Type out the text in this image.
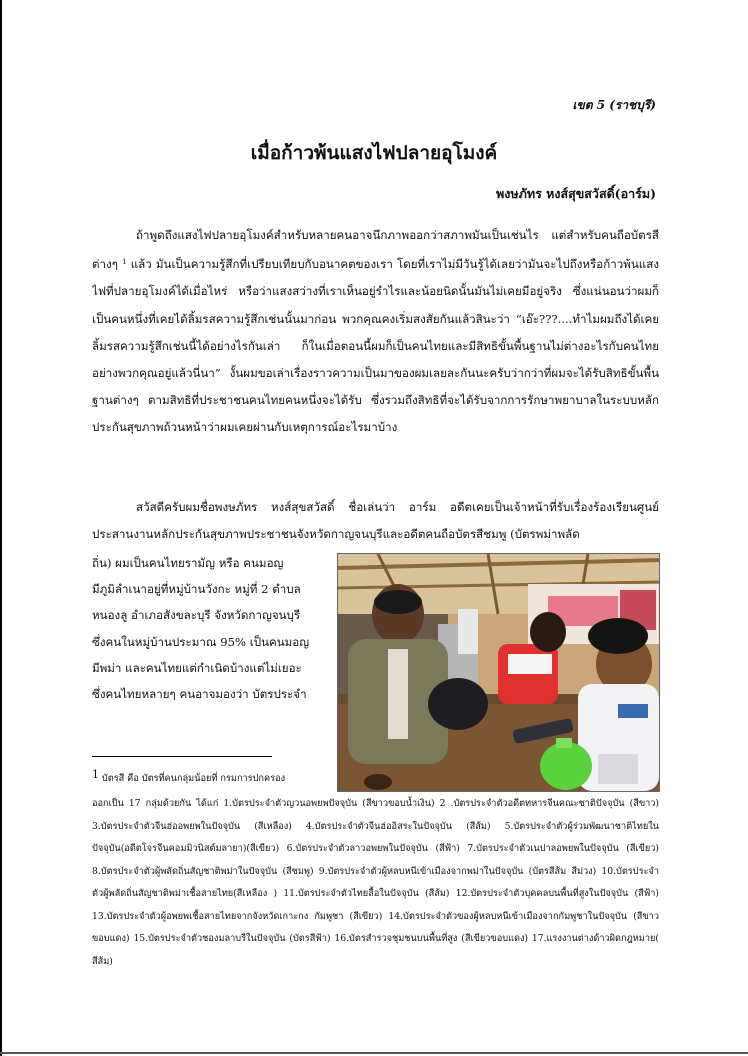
เขต 5 (ราชบุรี)
เมื่อก้าวพ้นแสงไฟปลายอุโมงค์
พงษภัทร หงส์สุขสวัสดิ์(อาร์ม)
ถ้าพูดถึงแสงไฟปลายอุโมงค์สำหรับหลายคนอาจนึกภาพออกว่าสภาพมันเป็นเช่นไร แต่สำหรับคนถือบัตรสีต่างๆ $^1$ แล้ว มันเป็นความรู้สึกที่เปรียบเทียบกับอนาคตของเรา โดยที่เราไม่มีวันรู้ได้เลยว่ามันจะไปถึงหรือก้าวพ้นแสงไฟที่ปลายอุโมงค์ได้เมื่อไหร่ หรือว่าแสงสว่างที่เราเห็นอยู่รำไรและน้อยนิดนั้นมันไม่เคยมีอยู่จริง ซึ่งแน่นอนว่าผมก็เป็นคนหนึ่งที่เคยได้ลิ้มรสความรู้สึกเช่นนั้นมาก่อน พวกคุณคงเริ่มสงสัยกันแล้วสินะว่า “เอ๊ะ???....ทำไมผมถึงได้เคยลิ้มรสความรู้สึกเช่นนี้ได้อย่างไรกันเล่า ก็ในเมื่อตอนนี้ผมก็เป็นคนไทยและมีสิทธิขั้นพื้นฐานไม่ต่างอะไรกับคนไทยอย่างพวกคุณอยู่แล้วนี่นา” งั้นผมขอเล่าเรื่องราวความเป็นมาของผมเลยละกันนะครับว่ากว่าที่ผมจะได้รับสิทธิขั้นพื้นฐานต่างๆ ตามสิทธิที่ประชาชนคนไทยคนหนึ่งจะได้รับ ซึ่งรวมถึงสิทธิที่จะได้รับจากการรักษาพยาบาลในระบบหลักประกันสุขภาพถ้วนหน้าว่าผมเคยผ่านกับเหตุการณ์อะไรมาบ้าง
สวัสดีครับผมชื่อพงษภัทร หงส์สุขสวัสดิ์ ชื่อเล่นว่า อาร์ม อดีตเคยเป็นเจ้าหน้าที่รับเรื่องร้องเรียนศูนย์ประสานงานหลักประกันสุขภาพประชาชนจังหวัดกาญจนบุรีและอดีตคนถือบัตรสีชมพู (บัตรพม่าพลัด
ถิ่น) ผมเป็นคนไทยรามัญ หรือ คนมอญ
มีภูมิลำเนาอยู่ที่หมู่บ้านวังกะ หมู่ที่ 2 ตำบล
หนองลู อำเภอสังขละบุรี จังหวัดกาญจนบุรี
ซึ่งคนในหมู่บ้านประมาณ 95% เป็นคนมอญ
มีพม่า และคนไทยแต่กำเนิดบ้างแต่ไม่เยอะ
ซึ่งคนไทยหลายๆ คนอาจมองว่า บัตรประจำ
1 บัตรสี คือ บัตรที่คนกลุ่มน้อยที่ กรมการปกครอง
ออกเป็น 17 กลุ่มด้วยกัน ได้แก่ 1.บัตรประจำตัวญวนอพยพปัจจุบัน (สีขาวขอบน้ำเงิน) 2 .บัตรประจำตัวอดีตทหารจีนคณะชาติปัจจุบัน (สีขาว) 3.บัตรประจำตัวจีนฮ่ออพยพในปัจจุบัน (สีเหลือง) 4.บัตรประจำตัวจีนฮ่ออิสระในปัจจุบัน (สีส้ม) 5.บัตรประจำตัวผู้ร่วมพัฒนาชาติไทยในปัจจุบัน(อดีตโจรจีนคอมมิวนิสต์มลายา)(สีเขียว) 6.บัตรประจำตัวลาวอพยพในปัจจุบัน (สีฟ้า) 7.บัตรประจำตัวเนปาลอพยพในปัจจุบัน (สีเขียว) 8.บัตรประจำตัวผู้พลัดถิ่นสัญชาติพม่าในปัจจุบัน (สีชมพู) 9.บัตรประจำตัวผู้หลบหนีเข้าเมืองจากพม่าในปัจจุบัน (บัตรสีส้ม สีม่วง) 10.บัตรประจำตัวผู้พลัดถิ่นสัญชาติพม่าเชื้อสายไทย(สีเหลือง ) 11.บัตรประจำตัวไทยลื้อในปัจจุบัน (สีส้ม) 12.บัตรประจำตัวบุคคลบนพื้นที่สูงในปัจจุบัน (สีฟ้า) 13.บัตรประจำตัวผู้อพยพเชื้อสายไทยจากจังหวัดเกาะกง กัมพูชา (สีเขียว) 14.บัตรประจำตัวของผู้หลบหนีเข้าเมืองจากกัมพูชาในปัจจุบัน (สีขาวขอบแดง) 15.บัตรประจำตัวชองมลาบรีในปัจจุบัน (บัตรสีฟ้า) 16.บัตรสำรวจชุมชนบนพื้นที่สูง (สีเขียวขอบแดง) 17.แรงงานต่างด้าวผิดกฎหมาย( สีส้ม)
